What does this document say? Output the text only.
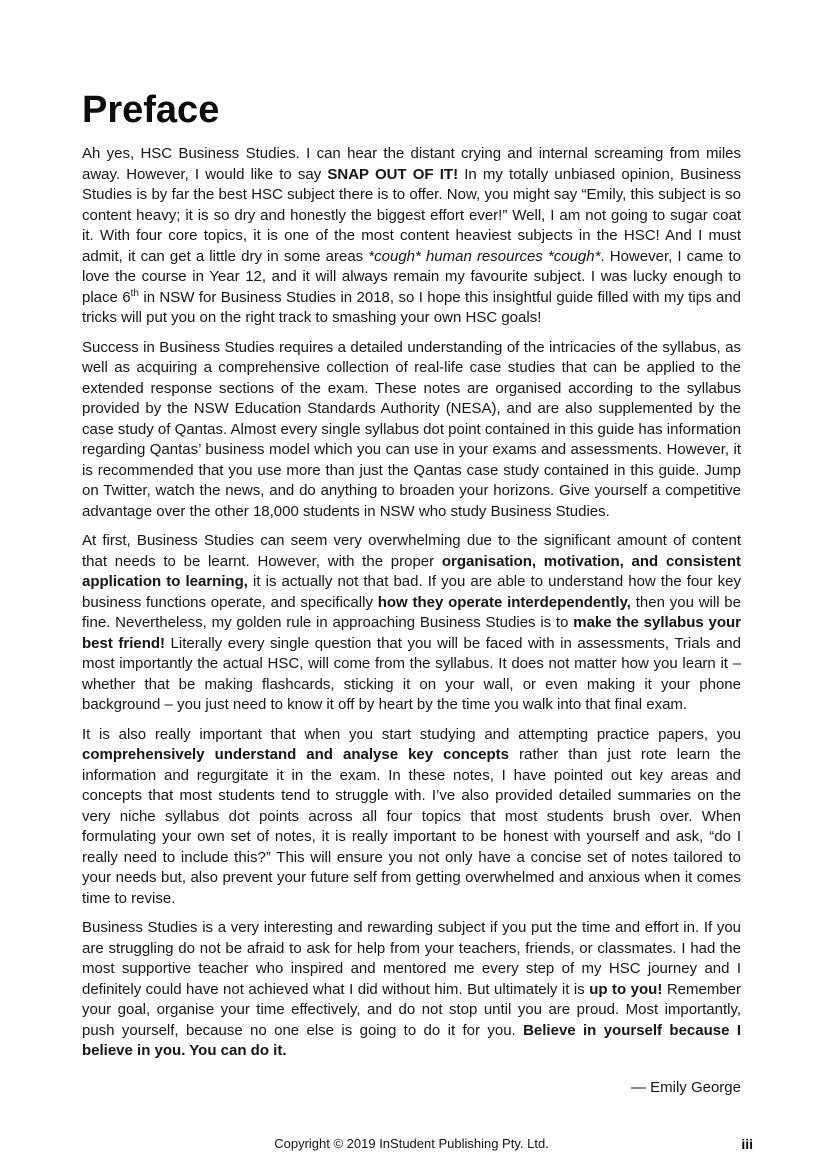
Preface

Ah yes, HSC Business Studies. I can hear the distant crying and internal screaming from miles away. However, I would like to say SNAP OUT OF IT! In my totally unbiased opinion, Business Studies is by far the best HSC subject there is to offer. Now, you might say “Emily, this subject is so content heavy; it is so dry and honestly the biggest effort ever!” Well, I am not going to sugar coat it. With four core topics, it is one of the most content heaviest subjects in the HSC! And I must admit, it can get a little dry in some areas *cough* human resources *cough*. However, I came to love the course in Year 12, and it will always remain my favourite subject. I was lucky enough to place 6th in NSW for Business Studies in 2018, so I hope this insightful guide filled with my tips and tricks will put you on the right track to smashing your own HSC goals!

Success in Business Studies requires a detailed understanding of the intricacies of the syllabus, as well as acquiring a comprehensive collection of real-life case studies that can be applied to the extended response sections of the exam. These notes are organised according to the syllabus provided by the NSW Education Standards Authority (NESA), and are also supplemented by the case study of Qantas. Almost every single syllabus dot point contained in this guide has information regarding Qantas’ business model which you can use in your exams and assessments. However, it is recommended that you use more than just the Qantas case study contained in this guide. Jump on Twitter, watch the news, and do anything to broaden your horizons. Give yourself a competitive advantage over the other 18,000 students in NSW who study Business Studies.

At first, Business Studies can seem very overwhelming due to the significant amount of content that needs to be learnt. However, with the proper organisation, motivation, and consistent application to learning, it is actually not that bad. If you are able to understand how the four key business functions operate, and specifically how they operate interdependently, then you will be fine. Nevertheless, my golden rule in approaching Business Studies is to make the syllabus your best friend! Literally every single question that you will be faced with in assessments, Trials and most importantly the actual HSC, will come from the syllabus. It does not matter how you learn it – whether that be making flashcards, sticking it on your wall, or even making it your phone background – you just need to know it off by heart by the time you walk into that final exam.

It is also really important that when you start studying and attempting practice papers, you comprehensively understand and analyse key concepts rather than just rote learn the information and regurgitate it in the exam. In these notes, I have pointed out key areas and concepts that most students tend to struggle with. I’ve also provided detailed summaries on the very niche syllabus dot points across all four topics that most students brush over. When formulating your own set of notes, it is really important to be honest with yourself and ask, “do I really need to include this?” This will ensure you not only have a concise set of notes tailored to your needs but, also prevent your future self from getting overwhelmed and anxious when it comes time to revise.

Business Studies is a very interesting and rewarding subject if you put the time and effort in. If you are struggling do not be afraid to ask for help from your teachers, friends, or classmates. I had the most supportive teacher who inspired and mentored me every step of my HSC journey and I definitely could have not achieved what I did without him. But ultimately it is up to you! Remember your goal, organise your time effectively, and do not stop until you are proud. Most importantly, push yourself, because no one else is going to do it for you. Believe in yourself because I believe in you. You can do it.

— Emily George
Copyright © 2019 InStudent Publishing Pty. Ltd.	iii
